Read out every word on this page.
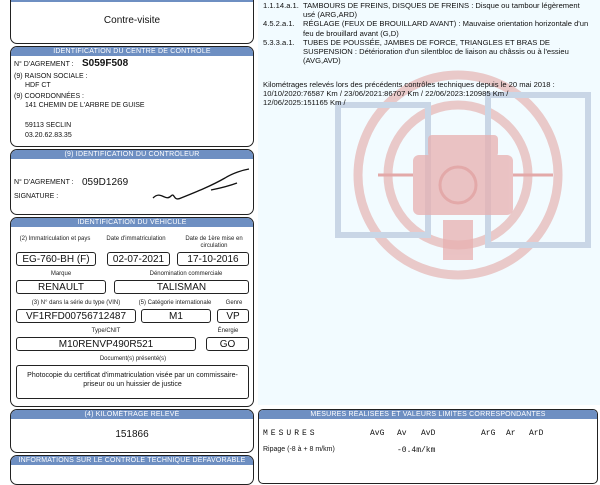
1.1.14.a.1. TAMBOURS DE FREINS, DISQUES DE FREINS : Disque ou tambour légèrement usé (ARG,ARD)
4.5.2.a.1. RÉGLAGE (FEUX DE BROUILLARD AVANT) : Mauvaise orientation horizontale d'un feu de brouillard avant (G,D)
5.3.3.a.1. TUBES DE POUSSÉE, JAMBES DE FORCE, TRIANGLES ET BRAS DE SUSPENSION : Détérioration d'un silentbloc de liaison au châssis ou à l'essieu (AVG,AVD)
Kilométrages relevés lors des précédents contrôles techniques depuis le 20 mai 2018 : 10/10/2020:76587 Km / 23/06/2021:86707 Km / 22/06/2023:120985 Km / 12/06/2025:151165 Km /
Contre-visite
IDENTIFICATION DU CENTRE DE CONTRÔLE
N° D'AGREMENT : S059F508
(9) RAISON SOCIALE :
HDF CT
(9) COORDONNÉES :
141 CHEMIN DE L'ARBRE DE GUISE
59113 SECLIN
03.20.62.83.35
(9) IDENTIFICATION DU CONTRÔLEUR
N° D'AGREMENT : 059D1269
SIGNATURE :
IDENTIFICATION DU VÉHICULE
(2) Immatriculation et pays	Date d'immatriculation	Date de 1ère mise en circulation
EG-760-BH (F)	02-07-2021	17-10-2016
Marque	Dénomination commerciale
RENAULT	TALISMAN
(3) N° dans la série du type (VIN)	(5) Catégorie internationale	Genre
VF1RFD00756712487	M1	VP
Type/CNIT	Énergie
M10RENVP490R521	GO
Document(s) présenté(s)
Photocopie du certificat d'immatriculation visée par un commissaire-priseur ou un huissier de justice
(4) KILOMÉTRAGE RELEVÉ
151866
INFORMATIONS SUR LE CONTRÔLE TECHNIQUE DÉFAVORABLE
MESURES RÉALISÉES ET VALEURS LIMITES CORRESPONDANTES
MESURES	AvG Av AvD	ArG Ar ArD
Ripage (-8 à + 8 m/km)	-0.4m/km
